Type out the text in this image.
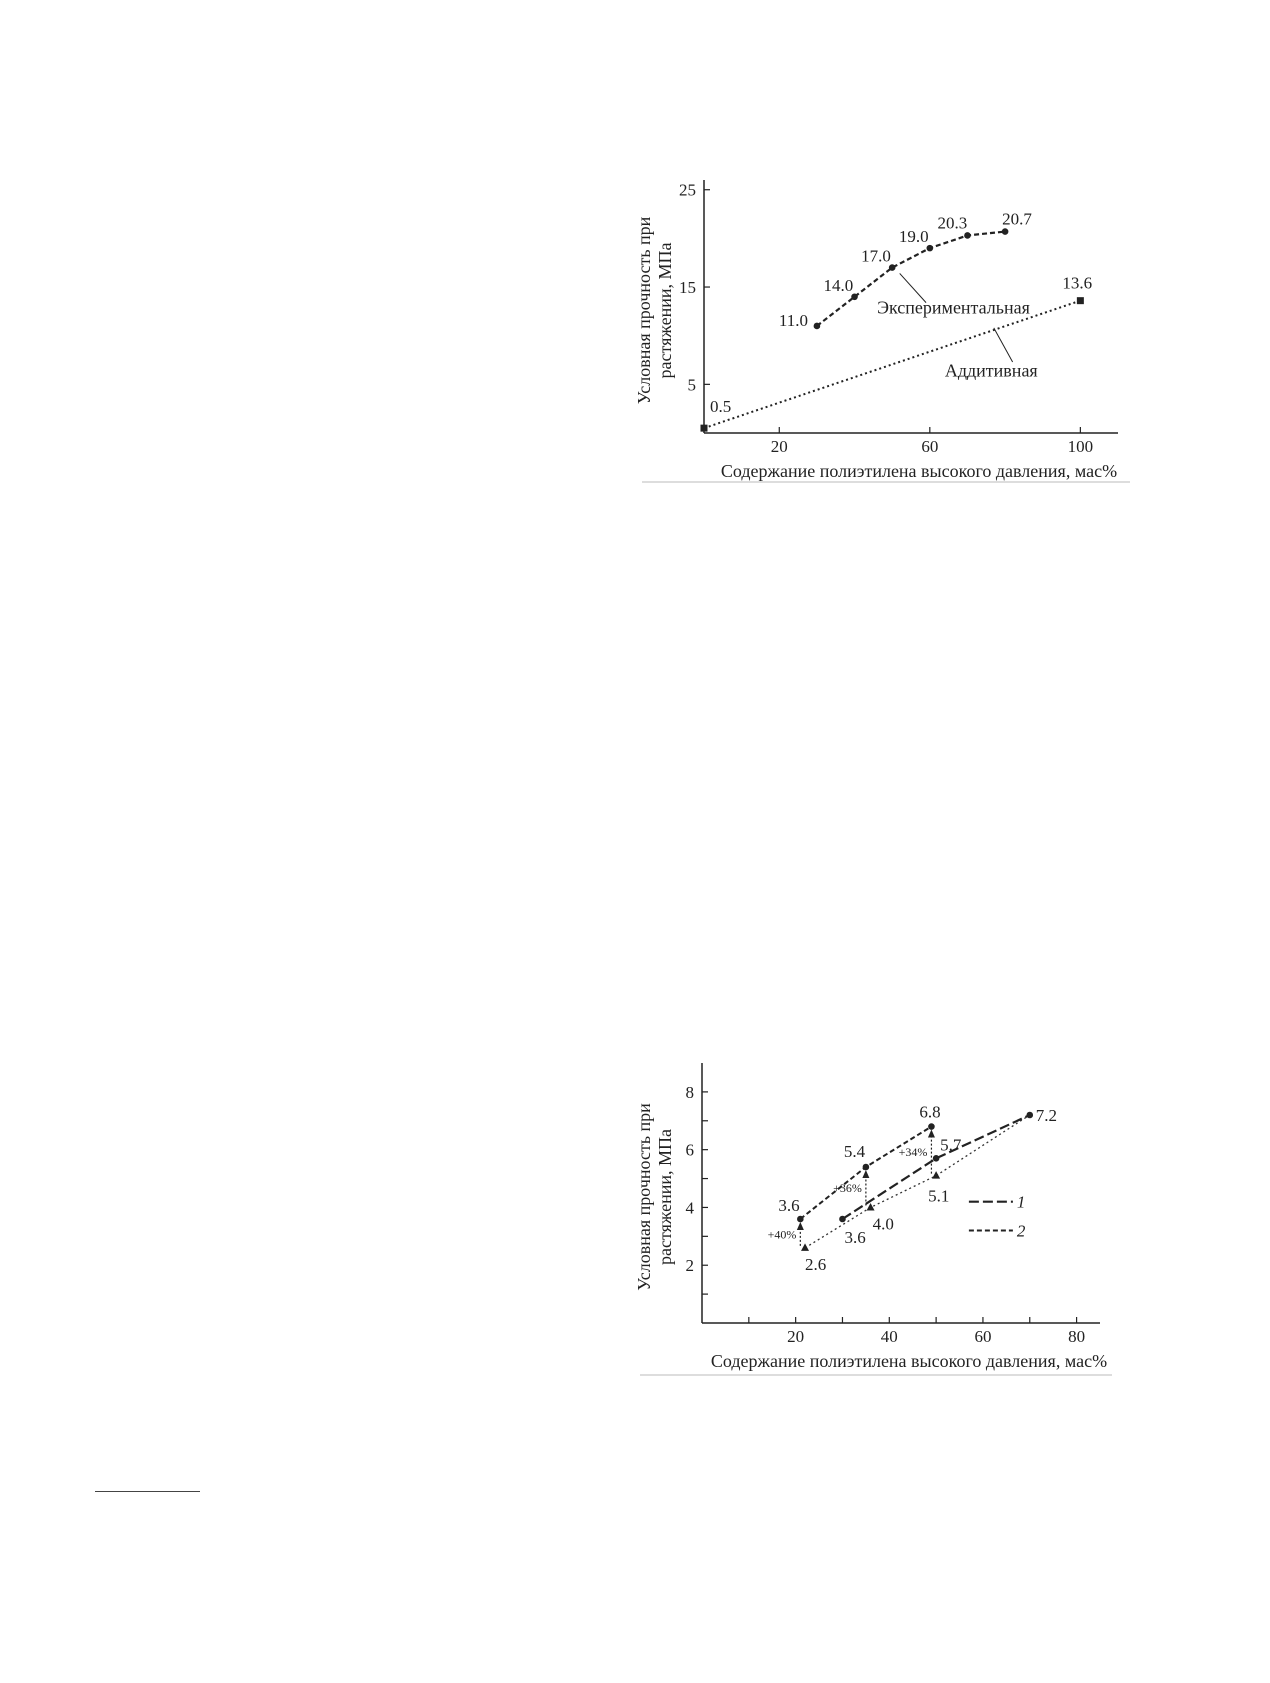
20	60	100
5
15
25
Содержание полиэтилена высокого давления, мас%
Условная прочность при растяжении, МПа	11.0
14.0
17.0
19.0
20.3 20.7
0.5
13.6
Экспериментальная
Аддитивная
20	40	60	80
2
4
6
8
Содержание полиэтилена высокого давления, мас%
Условная прочность при растяжении, МПа	+40%
+36%
+34%
3.6
5.7
7.2
3.6
5.4
6.8
2.6
4.0
5.1	1
2
